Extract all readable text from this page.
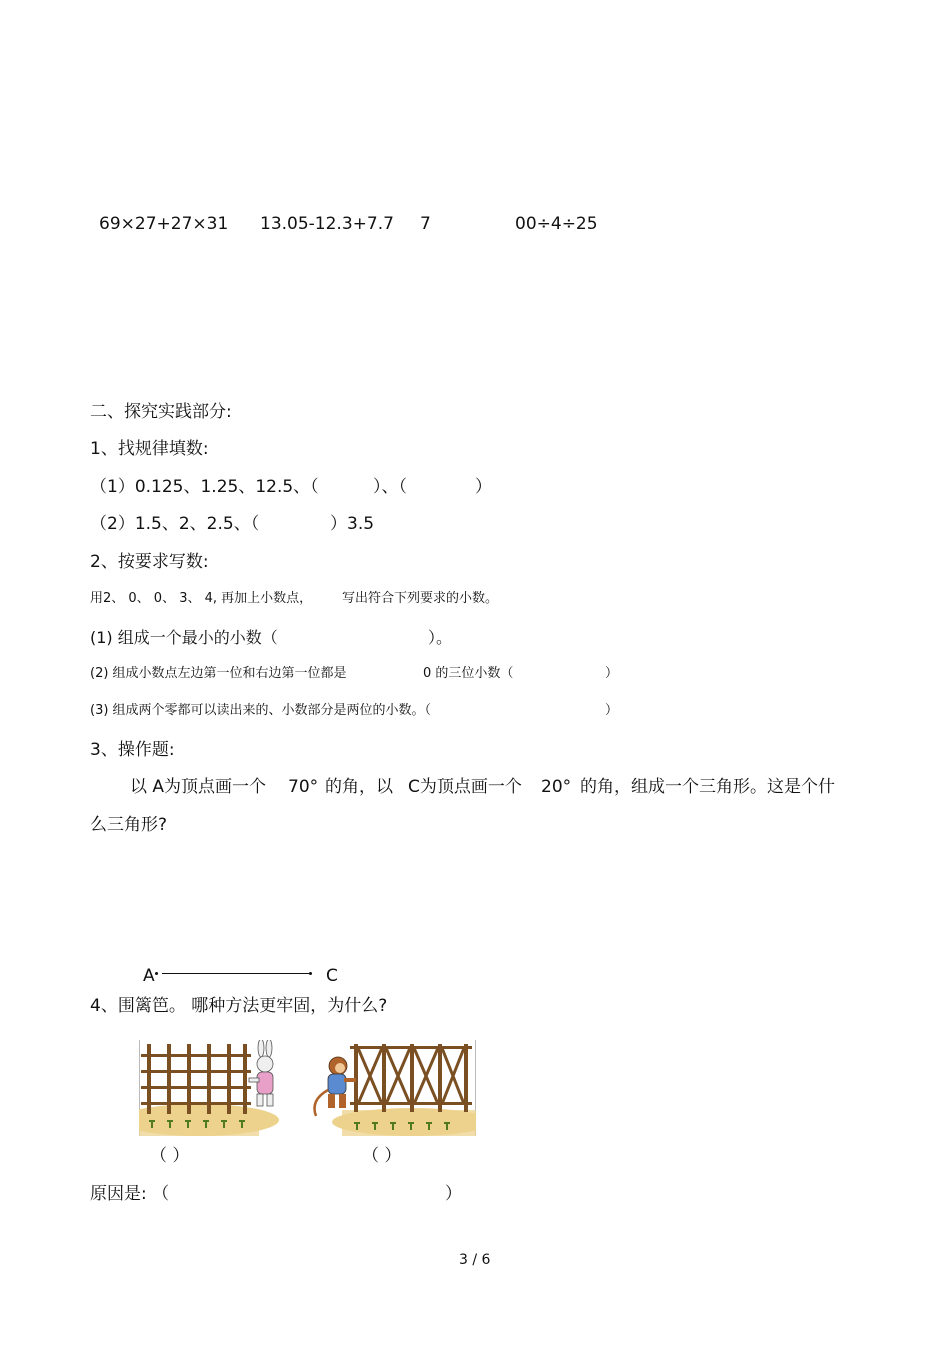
69×27+27×31 13.05-12.3+7.7 7	00÷4÷25
二、探究实践部分:
1、找规律填数:

（1）0.125、1.25、12.5、（

	）、（

	）

（2）1.5、2、2.5、（

	）3.5

2、按要求写数:

用2、 0、 0、 3、 4, 再加上小数点，

写出符合下列要求的小数。

(1) 组成一个最小的小数（

	）。

(2) 组成小数点左边第一位和右边第一位都是

	0 的三位小数（

	）

(3) 组成两个零都可以读出来的、小数部分是两位的小数。（

	）

3、操作题:

以 A为顶点画一个

70°

的角，以

C为顶点画一个

20°

的角，组成一个三角形。这是个什

么三角形?
A	C
4、围篱笆。 哪种方法更牢固，为什么?
（ ）	（ ）

原因是: （

	）

3 / 6
